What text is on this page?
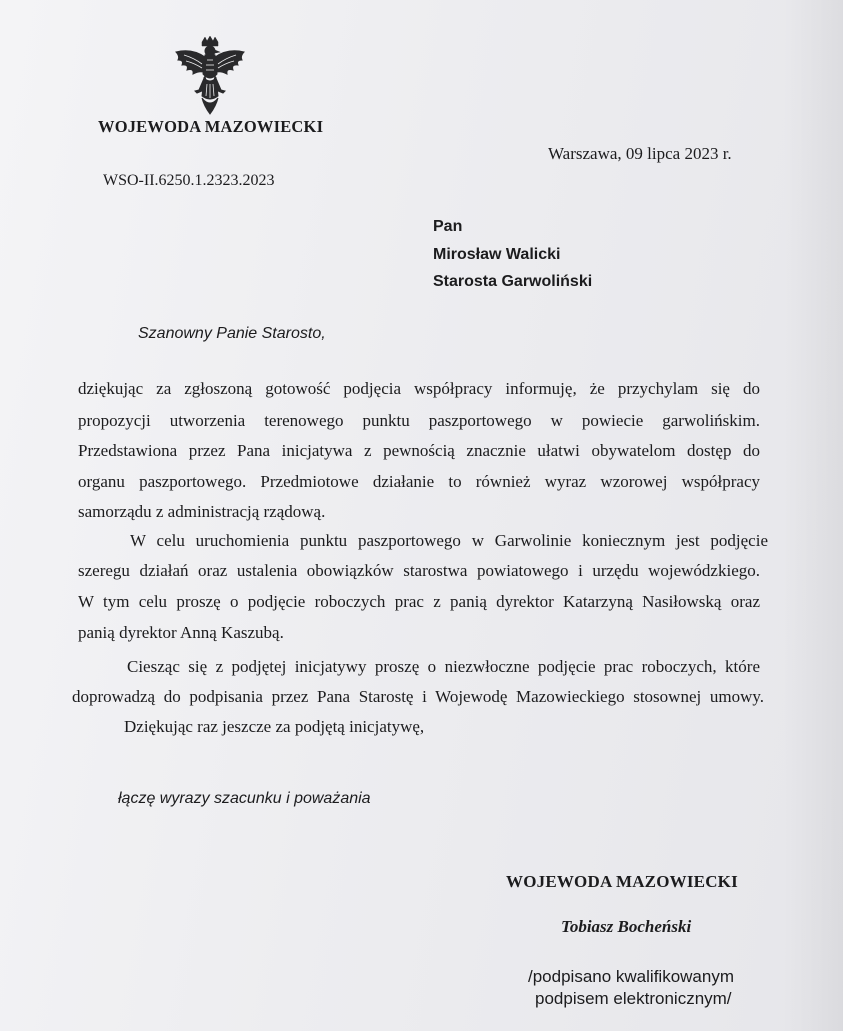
WOJEWODA MAZOWIECKI
Warszawa, 09 lipca 2023 r.
WSO-II.6250.1.2323.2023
Pan
Mirosław Walicki
Starosta Garwoliński
Szanowny Panie Starosto,
dziękując za zgłoszoną gotowość podjęcia współpracy informuję, że przychylam się do
propozycji utworzenia terenowego punktu paszportowego w powiecie garwolińskim.
Przedstawiona przez Pana inicjatywa z pewnością znacznie ułatwi obywatelom dostęp do
organu paszportowego. Przedmiotowe działanie to również wyraz wzorowej współpracy
samorządu z administracją rządową.
W celu uruchomienia punktu paszportowego w Garwolinie koniecznym jest podjęcie
szeregu działań oraz ustalenia obowiązków starostwa powiatowego i urzędu wojewódzkiego.
W tym celu proszę o podjęcie roboczych prac z panią dyrektor Katarzyną Nasiłowską oraz
panią dyrektor Anną Kaszubą.
Ciesząc się z podjętej inicjatywy proszę o niezwłoczne podjęcie prac roboczych, które
doprowadzą do podpisania przez Pana Starostę i Wojewodę Mazowieckiego stosownej umowy.
Dziękując raz jeszcze za podjętą inicjatywę,
łączę wyrazy szacunku i poważania
WOJEWODA MAZOWIECKI
Tobiasz Bocheński
/podpisano kwalifikowanym
podpisem elektronicznym/
